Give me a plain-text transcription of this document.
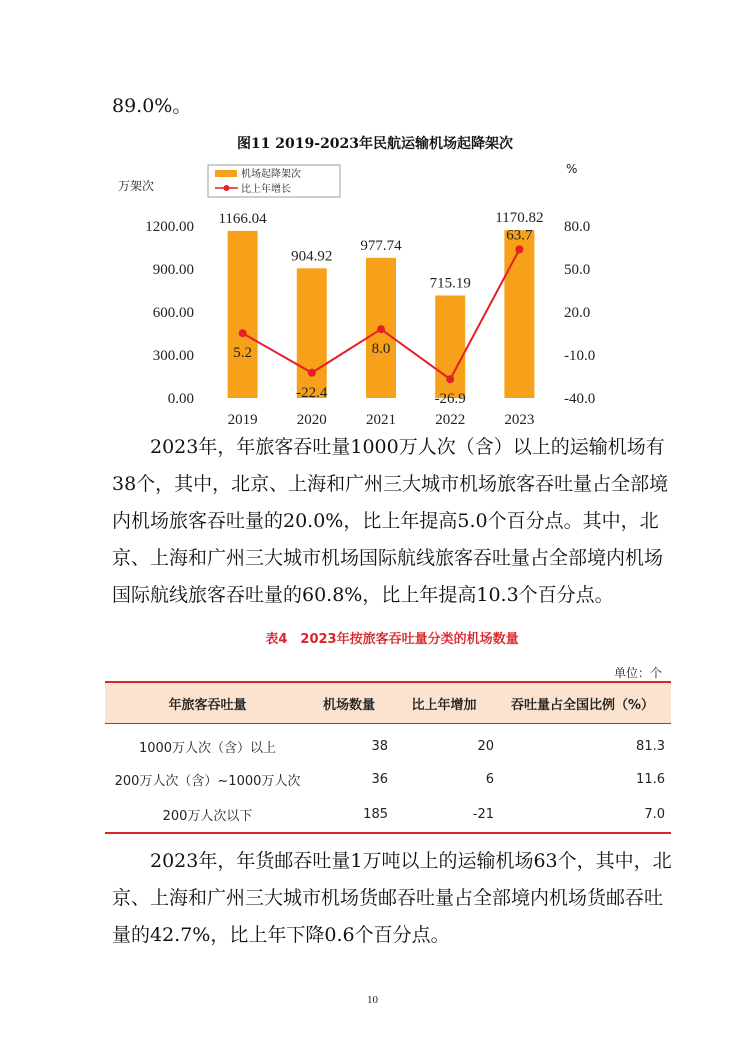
89.0%。

图11 2019-2023年民航运输机场起降架次
万架次
%
机场起降架次
比上年增长
0.00
300.00
600.00
900.00
1200.00
-40.0
-10.0
20.0
50.0
80.0
1166.04
904.92
977.74
715.19
1170.82
5.2
-22.4
8.0
-26.9
63.7
2019	2020	2021	2022	2023

2023年，年旅客吞吐量1000万人次（含）以上的运输机场有38个，其中，北京、上海和广州三大城市机场旅客吞吐量占全部境内机场旅客吞吐量的20.0%，比上年提高5.0个百分点。其中，北京、上海和广州三大城市机场国际航线旅客吞吐量占全部境内机场国际航线旅客吞吐量的60.8%，比上年提高10.3个百分点。

表4　2023年按旅客吞吐量分类的机场数量
单位：个
年旅客吞吐量	机场数量	比上年增加	吞吐量占全国比例（%）
1000万人次（含）以上	38	20	81.3
200万人次（含）~1000万人次	36	6	11.6
200万人次以下	185	-21	7.0

2023年，年货邮吞吐量1万吨以上的运输机场63个，其中，北京、上海和广州三大城市机场货邮吞吐量占全部境内机场货邮吞吐量的42.7%，比上年下降0.6个百分点。

10
